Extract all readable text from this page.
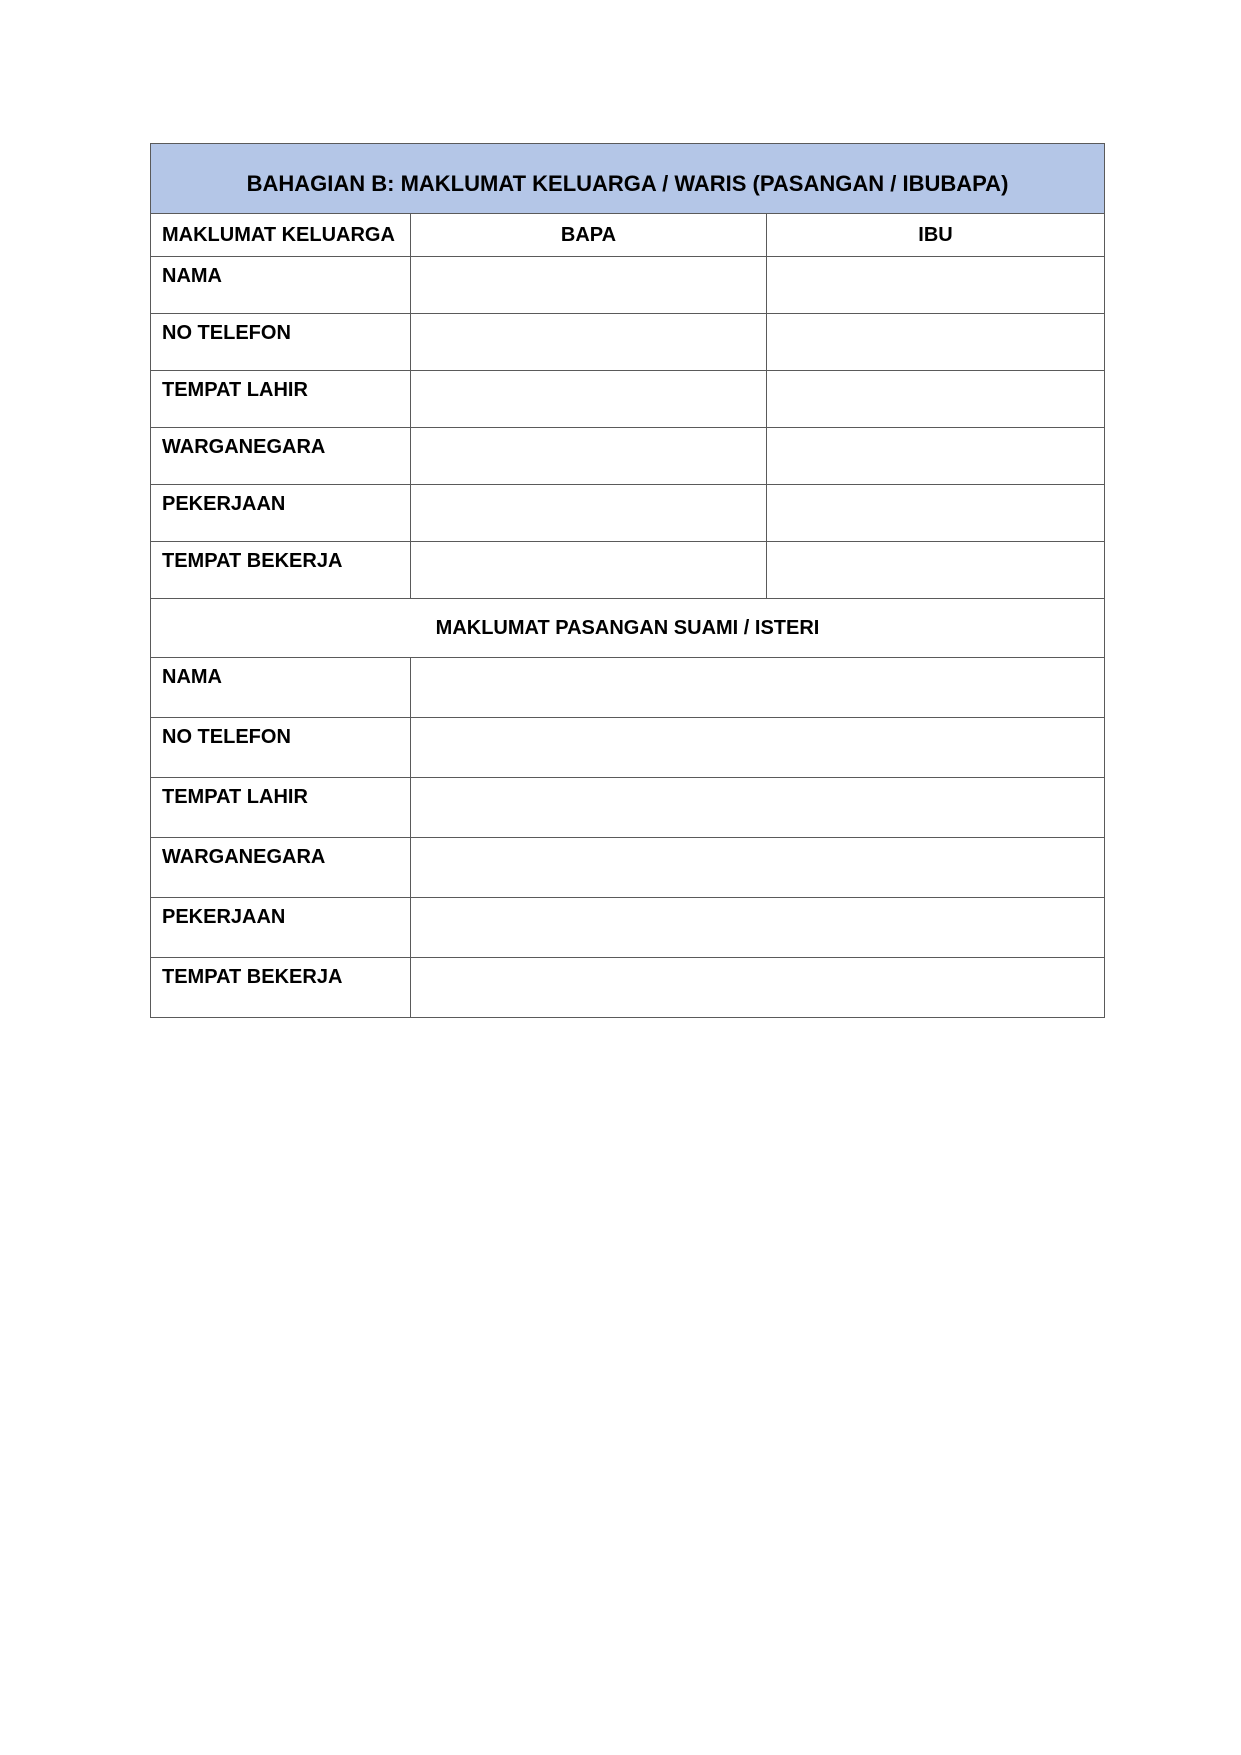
BAHAGIAN B: MAKLUMAT KELUARGA / WARIS (PASANGAN / IBUBAPA)		
MAKLUMAT KELUARGA	BAPA	IBU
NAMA		
NO TELEFON		
TEMPAT LAHIR		
WARGANEGARA		
PEKERJAAN		
TEMPAT BEKERJA		
MAKLUMAT PASANGAN SUAMI / ISTERI		
NAMA		
NO TELEFON		
TEMPAT LAHIR		
WARGANEGARA		
PEKERJAAN		
TEMPAT BEKERJA		
